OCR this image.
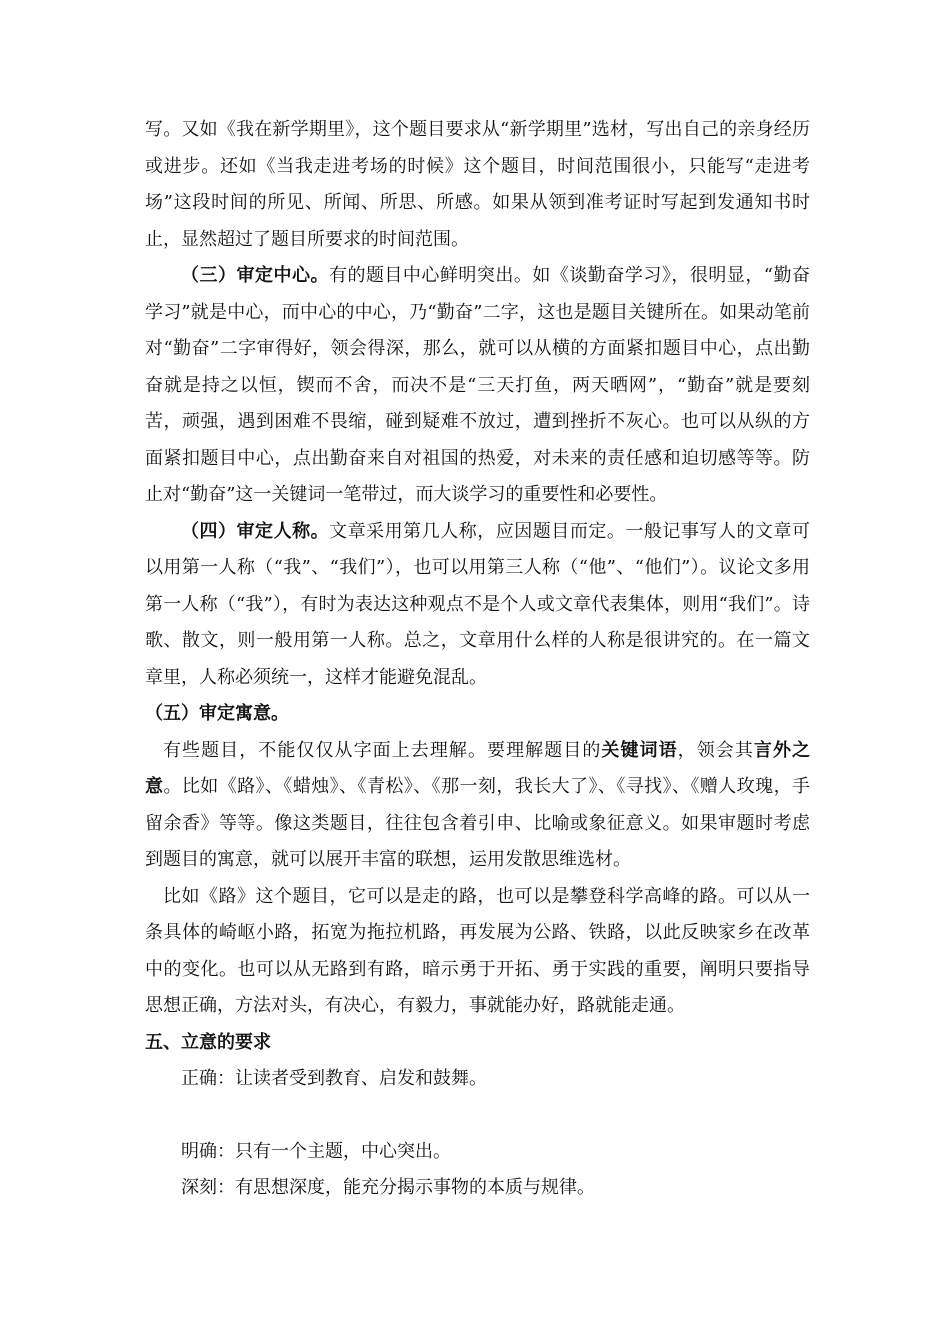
写。又如《我在新学期里》，这个题目要求从“新学期里”选材，写出自己的亲身经历或进步。还如《当我走进考场的时候》这个题目，时间范围很小，只能写“走进考场”这段时间的所见、所闻、所思、所感。如果从领到准考证时写起到发通知书时止，显然超过了题目所要求的时间范围。

（三）审定中心。有的题目中心鲜明突出。如《谈勤奋学习》，很明显，“勤奋学习”就是中心，而中心的中心，乃“勤奋”二字，这也是题目关键所在。如果动笔前对“勤奋”二字审得好，领会得深，那么，就可以从横的方面紧扣题目中心，点出勤奋就是持之以恒，锲而不舍，而决不是“三天打鱼，两天晒网”，“勤奋”就是要刻苦，顽强，遇到困难不畏缩，碰到疑难不放过，遭到挫折不灰心。也可以从纵的方面紧扣题目中心，点出勤奋来自对祖国的热爱，对未来的责任感和迫切感等等。防止对“勤奋”这一关键词一笔带过，而大谈学习的重要性和必要性。

（四）审定人称。文章采用第几人称，应因题目而定。一般记事写人的文章可以用第一人称（“我”、“我们”），也可以用第三人称（“他”、“他们”）。议论文多用第一人称（“我”），有时为表达这种观点不是个人或文章代表集体，则用“我们”。诗歌、散文，则一般用第一人称。总之，文章用什么样的人称是很讲究的。在一篇文章里，人称必须统一，这样才能避免混乱。

（五）审定寓意。

有些题目，不能仅仅从字面上去理解。要理解题目的关键词语，领会其言外之意。比如《路》、《蜡烛》、《青松》、《那一刻，我长大了》、《寻找》、《赠人玫瑰，手留余香》等等。像这类题目，往往包含着引申、比喻或象征意义。如果审题时考虑到题目的寓意，就可以展开丰富的联想，运用发散思维选材。

比如《路》这个题目，它可以是走的路，也可以是攀登科学高峰的路。可以从一条具体的崎岖小路，拓宽为拖拉机路，再发展为公路、铁路，以此反映家乡在改革中的变化。也可以从无路到有路，暗示勇于开拓、勇于实践的重要，阐明只要指导思想正确，方法对头，有决心，有毅力，事就能办好，路就能走通。

五、立意的要求

正确：让读者受到教育、启发和鼓舞。

明确：只有一个主题，中心突出。

深刻：有思想深度，能充分揭示事物的本质与规律。
